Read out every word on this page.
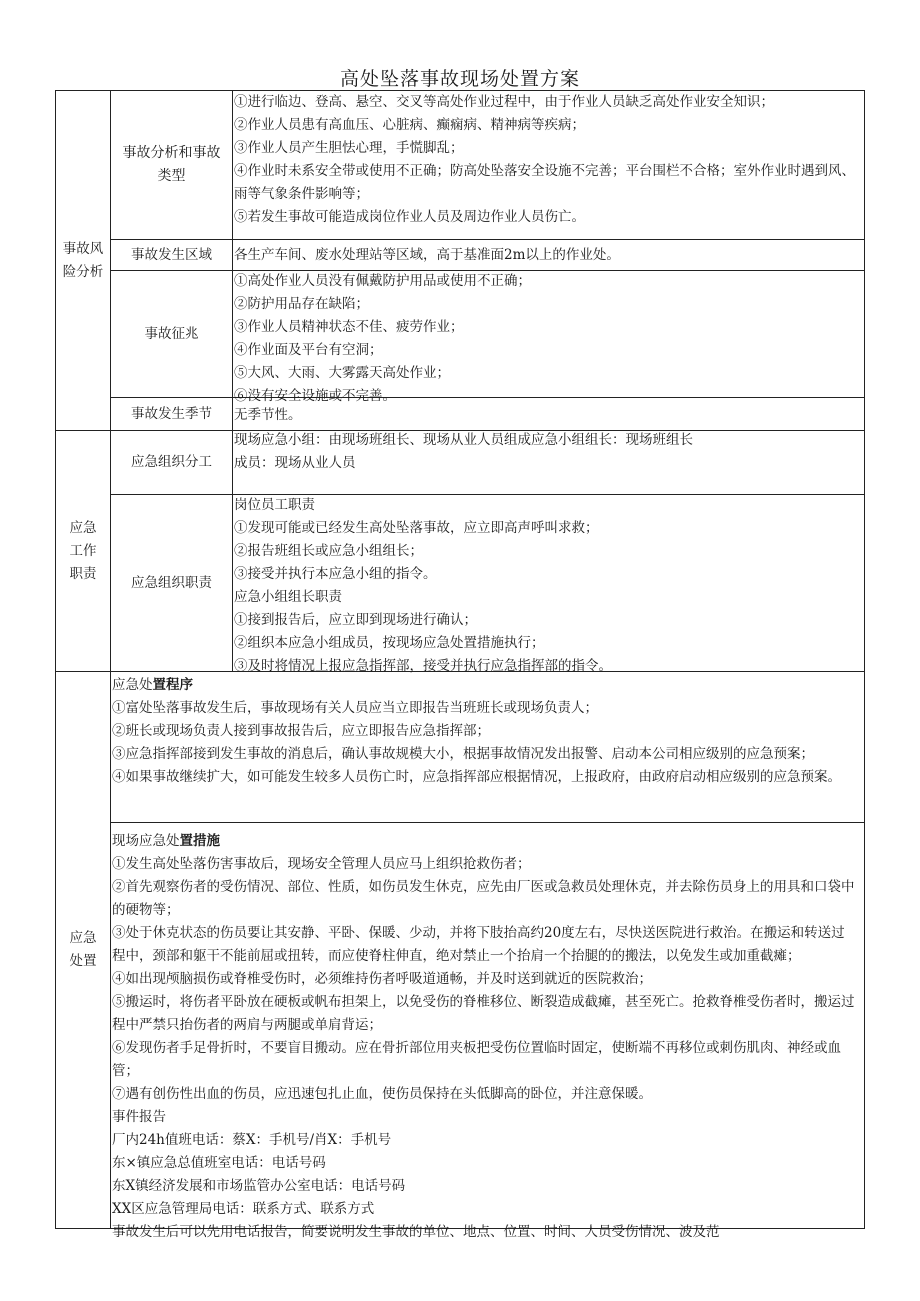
高处坠落事故现场处置方案
事故风
险分析
事故分析和事故
类型
①进行临边、登高、悬空、交叉等高处作业过程中，由于作业人员缺乏高处作业安全知识；
②作业人员患有高血压、心脏病、癫痫病、精神病等疾病；
③作业人员产生胆怯心理，手慌脚乱；
④作业时未系安全带或使用不正确；防高处坠落安全设施不完善；平台围栏不合格；室外作业时遇到风、雨等气象条件影响等；
⑤若发生事故可能造成岗位作业人员及周边作业人员伤亡。
事故发生区域 各生产车间、废水处理站等区域，高于基准面2m以上的作业处。
事故征兆
①高处作业人员没有佩戴防护用品或使用不正确；
②防护用品存在缺陷；
③作业人员精神状态不佳、疲劳作业；
④作业面及平台有空洞；
⑤大风、大雨、大雾露天高处作业；
⑥没有安全设施或不完善。
事故发生季节 无季节性。
应急
工作
职责
应急组织分工
现场应急小组：由现场班组长、现场从业人员组成应急小组组长：现场班组长
成员：现场从业人员
应急组织职责
岗位员工职责
①发现可能或已经发生高处坠落事故，应立即高声呼叫求救；
②报告班组长或应急小组组长；
③接受并执行本应急小组的指令。
应急小组组长职责
①接到报告后，应立即到现场进行确认；
②组织本应急小组成员，按现场应急处置措施执行；
③及时将情况上报应急指挥部，接受并执行应急指挥部的指令。
应急
处置
应急处置程序
①富处坠落事故发生后，事故现场有关人员应当立即报告当班班长或现场负责人；
②班长或现场负责人接到事故报告后，应立即报告应急指挥部；
③应急指挥部接到发生事故的消息后，确认事故规模大小，根据事故情况发出报警、启动本公司相应级别的应急预案；
④如果事故继续扩大，如可能发生较多人员伤亡时，应急指挥部应根据情况，上报政府，由政府启动相应级别的应急预案。
现场应急处置措施
①发生高处坠落伤害事故后，现场安全管理人员应马上组织抢救伤者；
②首先观察伤者的受伤情况、部位、性质，如伤员发生休克，应先由厂医或急救员处理休克，并去除伤员身上的用具和口袋中的硬物等；
③处于休克状态的伤员要让其安静、平卧、保暖、少动，并将下肢抬高约20度左右，尽快送医院进行救治。在搬运和转送过程中，颈部和躯干不能前屈或扭转，而应使脊柱伸直，绝对禁止一个抬肩一个抬腿的的搬法，以免发生或加重截瘫；
④如出现颅脑损伤或脊椎受伤时，必须维持伤者呼吸道通畅，并及时送到就近的医院救治；
⑤搬运时，将伤者平卧放在硬板或帆布担架上，以免受伤的脊椎移位、断裂造成截瘫，甚至死亡。抢救脊椎受伤者时，搬运过程中严禁只抬伤者的两肩与两腿或单肩背运；
⑥发现伤者手足骨折时，不要盲目搬动。应在骨折部位用夹板把受伤位置临时固定，使断端不再移位或刺伤肌肉、神经或血管；
⑦遇有创伤性出血的伤员，应迅速包扎止血，使伤员保持在头低脚高的卧位，并注意保暖。
事件报告
厂内24h值班电话：蔡X：手机号/肖X：手机号
东×镇应急总值班室电话：电话号码
东X镇经济发展和市场监管办公室电话：电话号码
XX区应急管理局电话：联系方式、联系方式
事故发生后可以先用电话报告，简要说明发生事故的单位、地点、位置、时间、人员受伤情况、波及范
